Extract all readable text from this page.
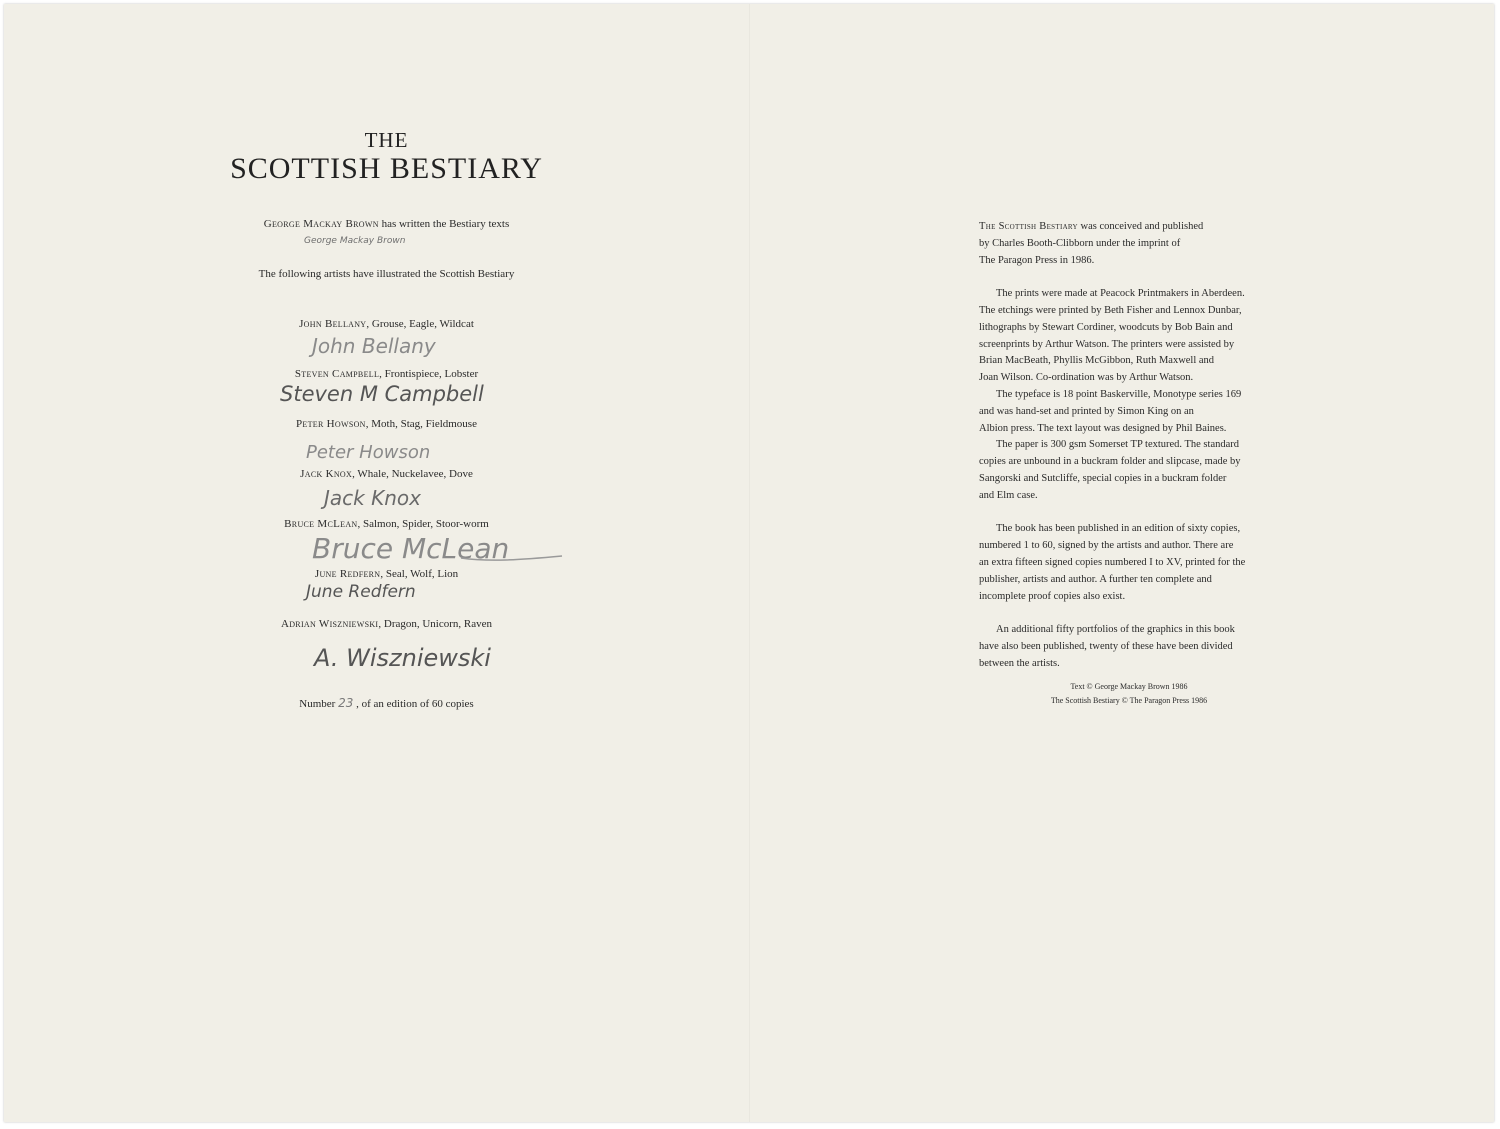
THE
SCOTTISH BESTIARY
George Mackay Brown has written the Bestiary texts
George Mackay Brown
The following artists have illustrated the Scottish Bestiary
John Bellany, Grouse, Eagle, Wildcat
John Bellany
Steven Campbell, Frontispiece, Lobster
Steven M Campbell
Peter Howson, Moth, Stag, Fieldmouse
Peter Howson
Jack Knox, Whale, Nuckelavee, Dove
Jack Knox
Bruce McLean, Salmon, Spider, Stoor-worm
Bruce McLean
June Redfern, Seal, Wolf, Lion
June Redfern
Adrian Wiszniewski, Dragon, Unicorn, Raven
A. Wiszniewski
Number 23 , of an edition of 60 copies
The Scottish Bestiary was conceived and published
by Charles Booth-Clibborn under the imprint of
The Paragon Press in 1986.
The prints were made at Peacock Printmakers in Aberdeen.
The etchings were printed by Beth Fisher and Lennox Dunbar,
lithographs by Stewart Cordiner, woodcuts by Bob Bain and
screenprints by Arthur Watson. The printers were assisted by
Brian MacBeath, Phyllis McGibbon, Ruth Maxwell and
Joan Wilson. Co-ordination was by Arthur Watson.
The typeface is 18 point Baskerville, Monotype series 169
and was hand-set and printed by Simon King on an
Albion press. The text layout was designed by Phil Baines.
The paper is 300 gsm Somerset TP textured. The standard
copies are unbound in a buckram folder and slipcase, made by
Sangorski and Sutcliffe, special copies in a buckram folder
and Elm case.
The book has been published in an edition of sixty copies,
numbered 1 to 60, signed by the artists and author. There are
an extra fifteen signed copies numbered I to XV, printed for the
publisher, artists and author. A further ten complete and
incomplete proof copies also exist.
An additional fifty portfolios of the graphics in this book
have also been published, twenty of these have been divided
between the artists.
Text © George Mackay Brown 1986
The Scottish Bestiary © The Paragon Press 1986
